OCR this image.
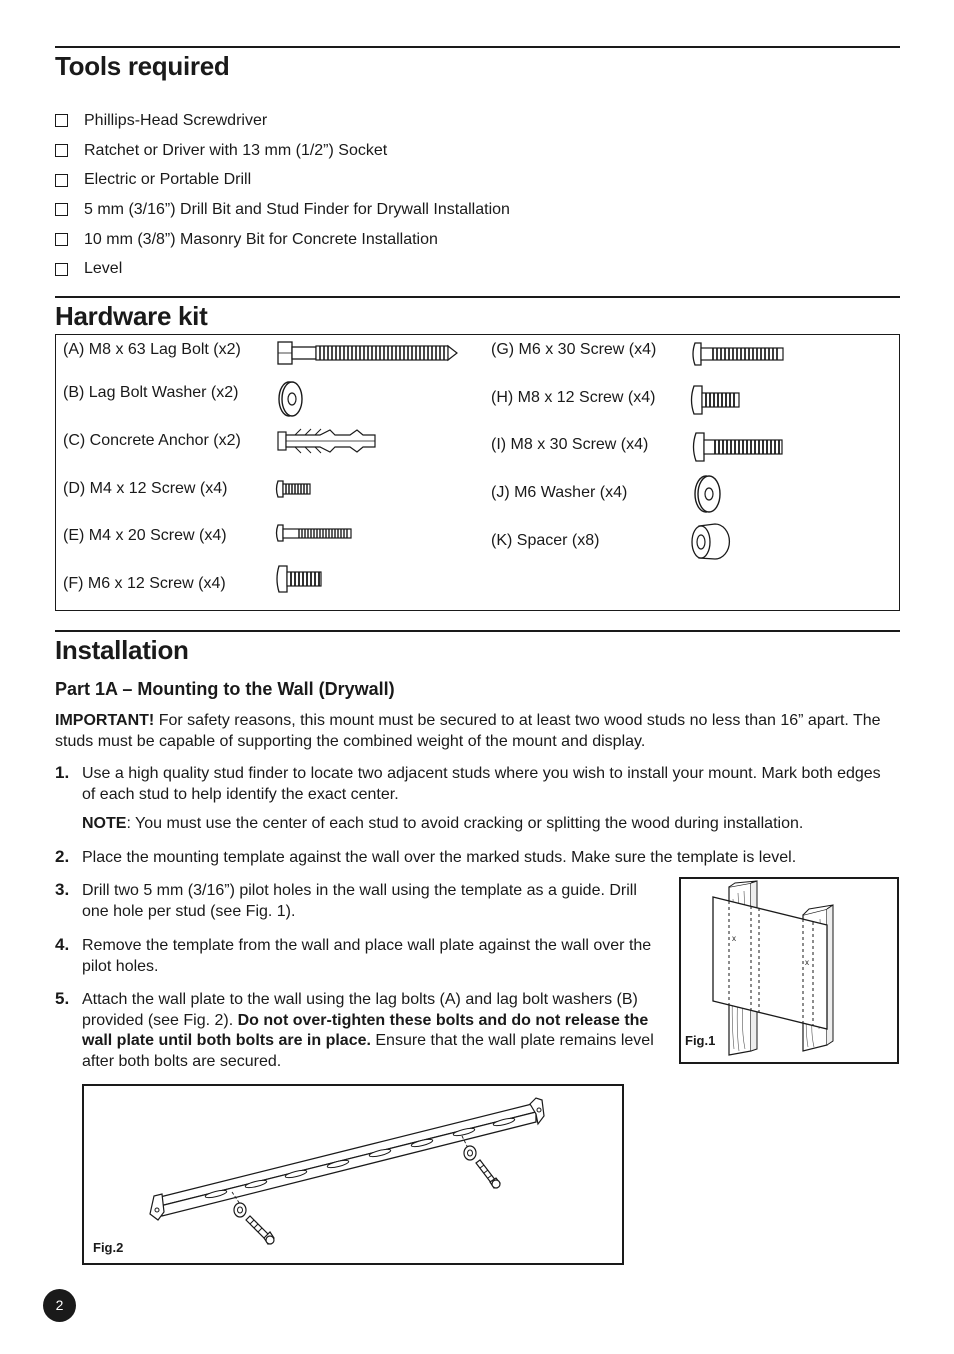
Tools required
Phillips-Head Screwdriver
Ratchet or Driver with 13 mm (1/2”) Socket
Electric or Portable Drill
5 mm (3/16”) Drill Bit and Stud Finder for Drywall Installation
10 mm (3/8”) Masonry Bit for Concrete Installation
Level
Hardware kit
(A) M8 x 63 Lag Bolt (x2)
(B) Lag Bolt Washer (x2)
(C) Concrete Anchor (x2)
(D) M4 x 12 Screw (x4)
(E) M4 x 20 Screw (x4)
(F) M6 x 12 Screw (x4)
(G) M6 x 30 Screw (x4)
(H) M8 x 12 Screw (x4)
(I) M8 x 30 Screw (x4)
(J) M6 Washer (x4)
(K) Spacer (x8)
Installation
Part 1A – Mounting to the Wall (Drywall)

IMPORTANT! For safety reasons, this mount must be secured to at least two wood studs no less than 16” apart. The studs must be capable of supporting the combined weight of the mount and display.

1. Use a high quality stud finder to locate two adjacent studs where you wish to install your mount. Mark both edges of each stud to help identify the exact center.

NOTE: You must use the center of each stud to avoid cracking or splitting the wood during installation.

2. Place the mounting template against the wall over the marked studs. Make sure the template is level.

3. Drill two 5 mm (3/16”) pilot holes in the wall using the template as a guide. Drill one hole per stud (see Fig. 1).

4. Remove the template from the wall and place wall plate against the wall over the pilot holes.

5. Attach the wall plate to the wall using the lag bolts (A) and lag bolt washers (B) provided (see Fig. 2). Do not over-tighten these bolts and do not release the wall plate until both bolts are in place. Ensure that the wall plate remains level after both bolts are secured.

x
x
Fig.1
Fig.2
2
